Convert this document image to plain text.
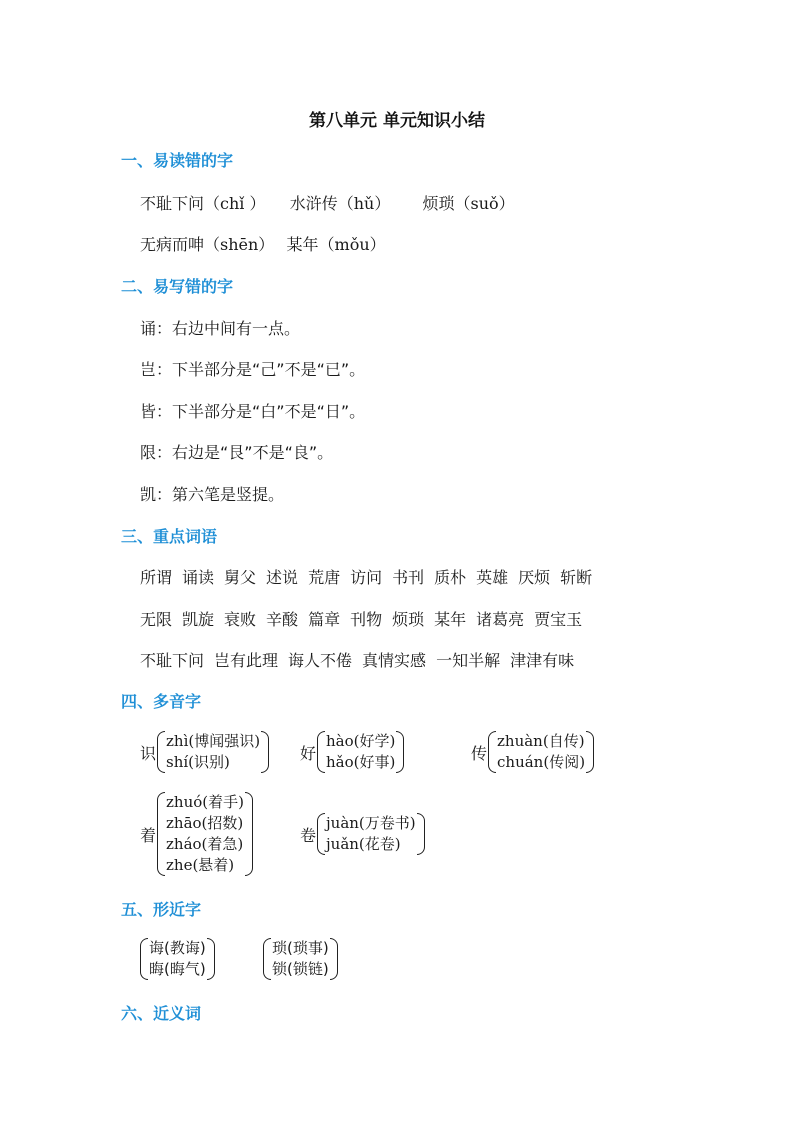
第八单元 单元知识小结
一、易读错的字
不耻下问（chǐ ） 水浒传（hǔ） 烦琐（suǒ）
无病而呻（shēn） 某年（mǒu）
二、易写错的字
诵：右边中间有一点。
岂：下半部分是“己”不是“已”。
皆：下半部分是“白”不是“日”。
限：右边是“艮”不是“良”。
凯：第六笔是竖提。
三、重点词语
所谓 诵读 舅父 述说 荒唐 访问 书刊 质朴 英雄 厌烦 斩断
无限 凯旋 衰败 辛酸 篇章 刊物 烦琐 某年 诸葛亮 贾宝玉
不耻下问 岂有此理 诲人不倦 真情实感 一知半解 津津有味
四、多音字
识
zhì(博闻强识)
shí(识别)	好
hào(好学)
hǎo(好事)	传
zhuàn(自传)
chuán(传阅)
着
zhuó(着手)
zhāo(招数)
zháo(着急)
zhe(悬着)
卷
juàn(万卷书)
juǎn(花卷)
五、形近字
诲(教诲)
晦(晦气)
琐(琐事)
锁(锁链)
六、近义词
